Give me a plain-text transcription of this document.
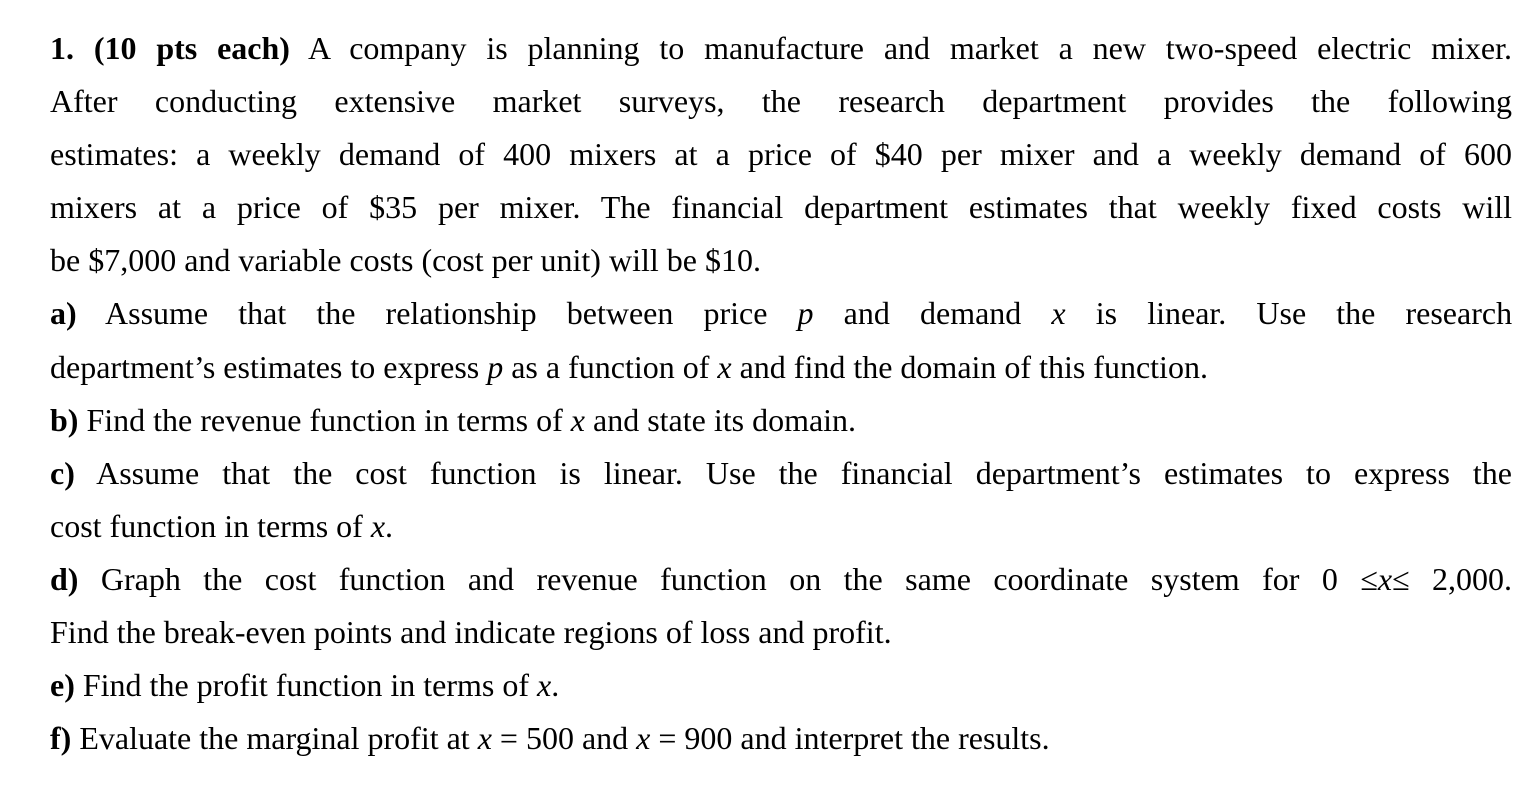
1. (10 pts each) A company is planning to manufacture and market a new two-speed electric mixer.
After conducting extensive market surveys, the research department provides the following
estimates: a weekly demand of 400 mixers at a price of $40 per mixer and a weekly demand of 600
mixers at a price of $35 per mixer. The financial department estimates that weekly fixed costs will
be $7,000 and variable costs (cost per unit) will be $10.
a) Assume that the relationship between price p and demand x is linear. Use the research
department’s estimates to express p as a function of x and find the domain of this function.
b) Find the revenue function in terms of x and state its domain.
c) Assume that the cost function is linear. Use the financial department’s estimates to express the
cost function in terms of x.
d) Graph the cost function and revenue function on the same coordinate system for 0 ≤x≤ 2,000.
Find the break-even points and indicate regions of loss and profit.
e) Find the profit function in terms of x.
f) Evaluate the marginal profit at x = 500 and x = 900 and interpret the results.
